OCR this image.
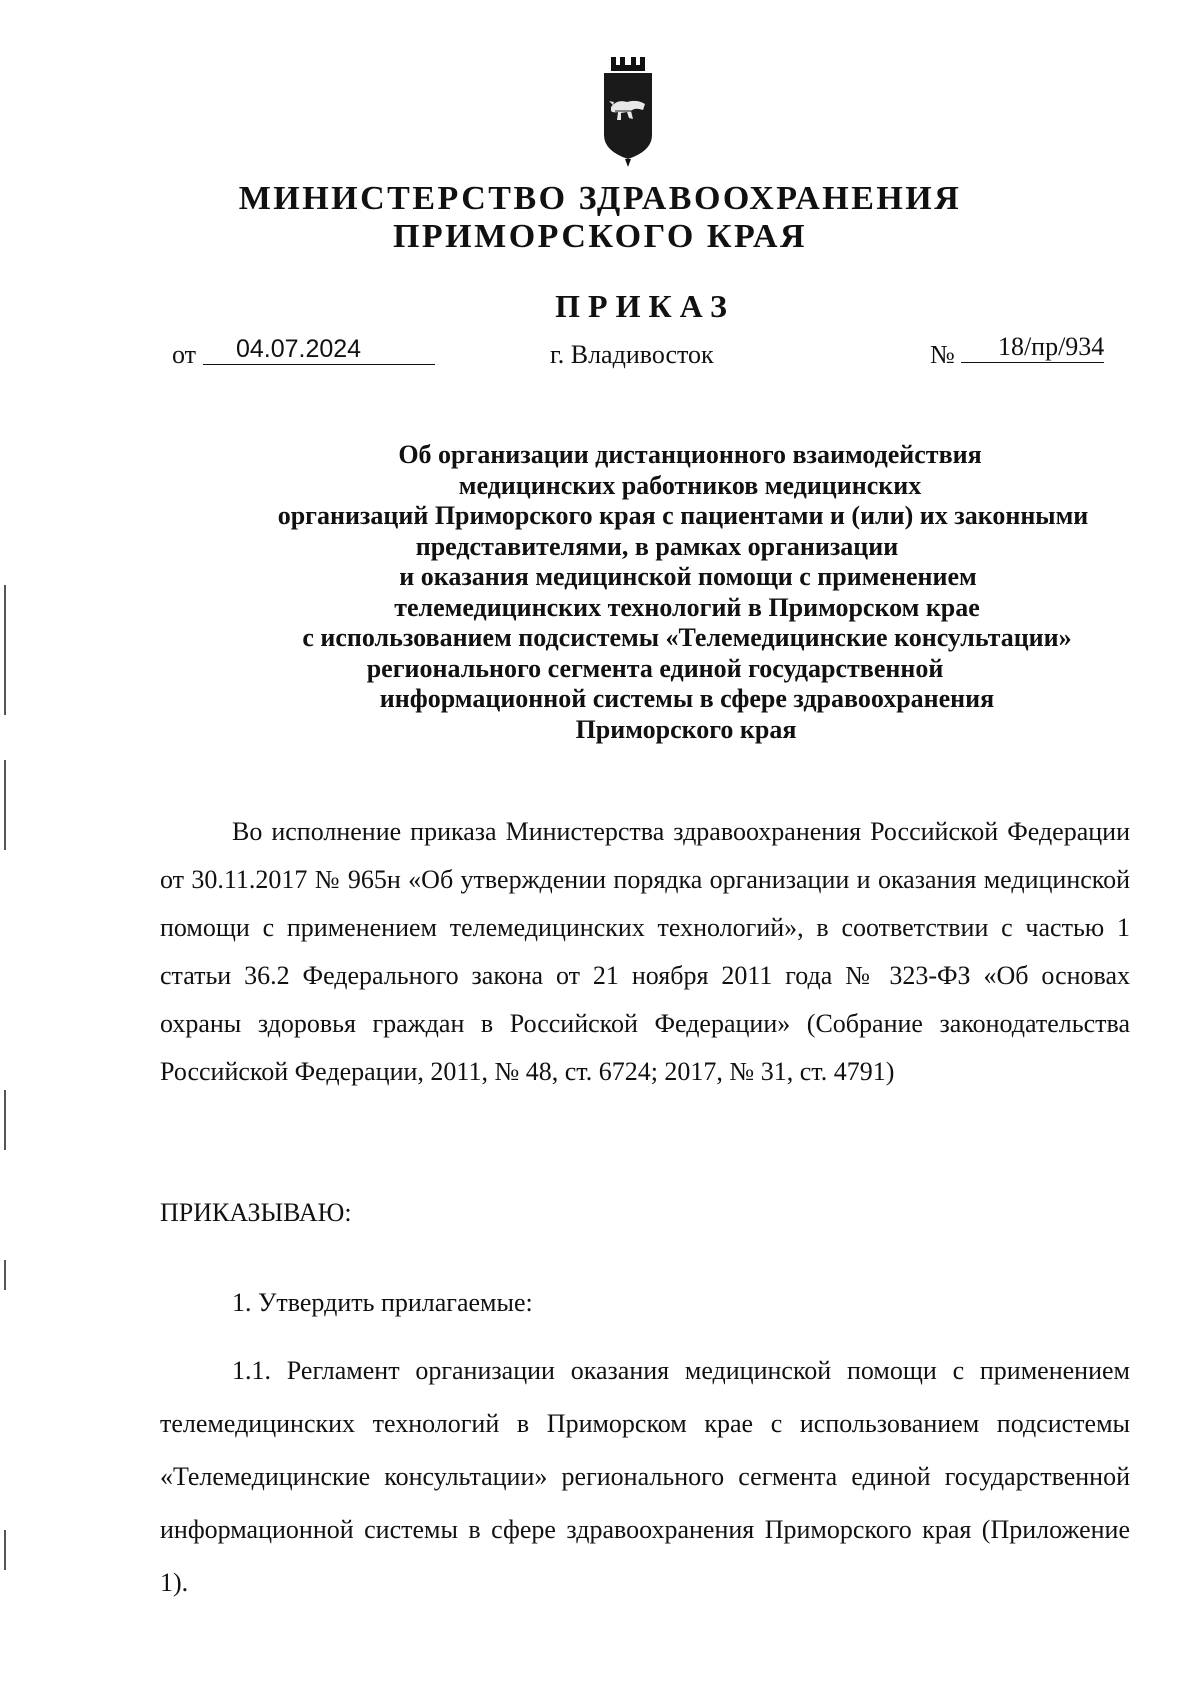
МИНИСТЕРСТВО ЗДРАВООХРАНЕНИЯ
ПРИМОРСКОГО КРАЯ
ПРИКАЗ
от 04.07.2024	г. Владивосток	№ 18/пр/934
Об организации дистанционного взаимодействия
медицинских работников медицинских
организаций Приморского края с пациентами и (или) их законными
представителями, в рамках организации
и оказания медицинской помощи с применением
телемедицинских технологий в Приморском крае
с использованием подсистемы «Телемедицинские консультации»
регионального сегмента единой государственной
информационной системы в сфере здравоохранения
Приморского края
Во исполнение приказа Министерства здравоохранения Российской Федерации от 30.11.2017 № 965н «Об утверждении порядка организации и оказания медицинской помощи с применением телемедицинских технологий», в соответствии с частью 1 статьи 36.2 Федерального закона от 21 ноября 2011 года № 323-ФЗ «Об основах охраны здоровья граждан в Российской Федерации» (Собрание законодательства Российской Федерации, 2011, № 48, ст. 6724; 2017, № 31, ст. 4791)
ПРИКАЗЫВАЮ:
1. Утвердить прилагаемые:
1.1. Регламент организации оказания медицинской помощи с применением телемедицинских технологий в Приморском крае с использованием подсистемы «Телемедицинские консультации» регионального сегмента единой государственной информационной системы в сфере здравоохранения Приморского края (Приложение 1).
